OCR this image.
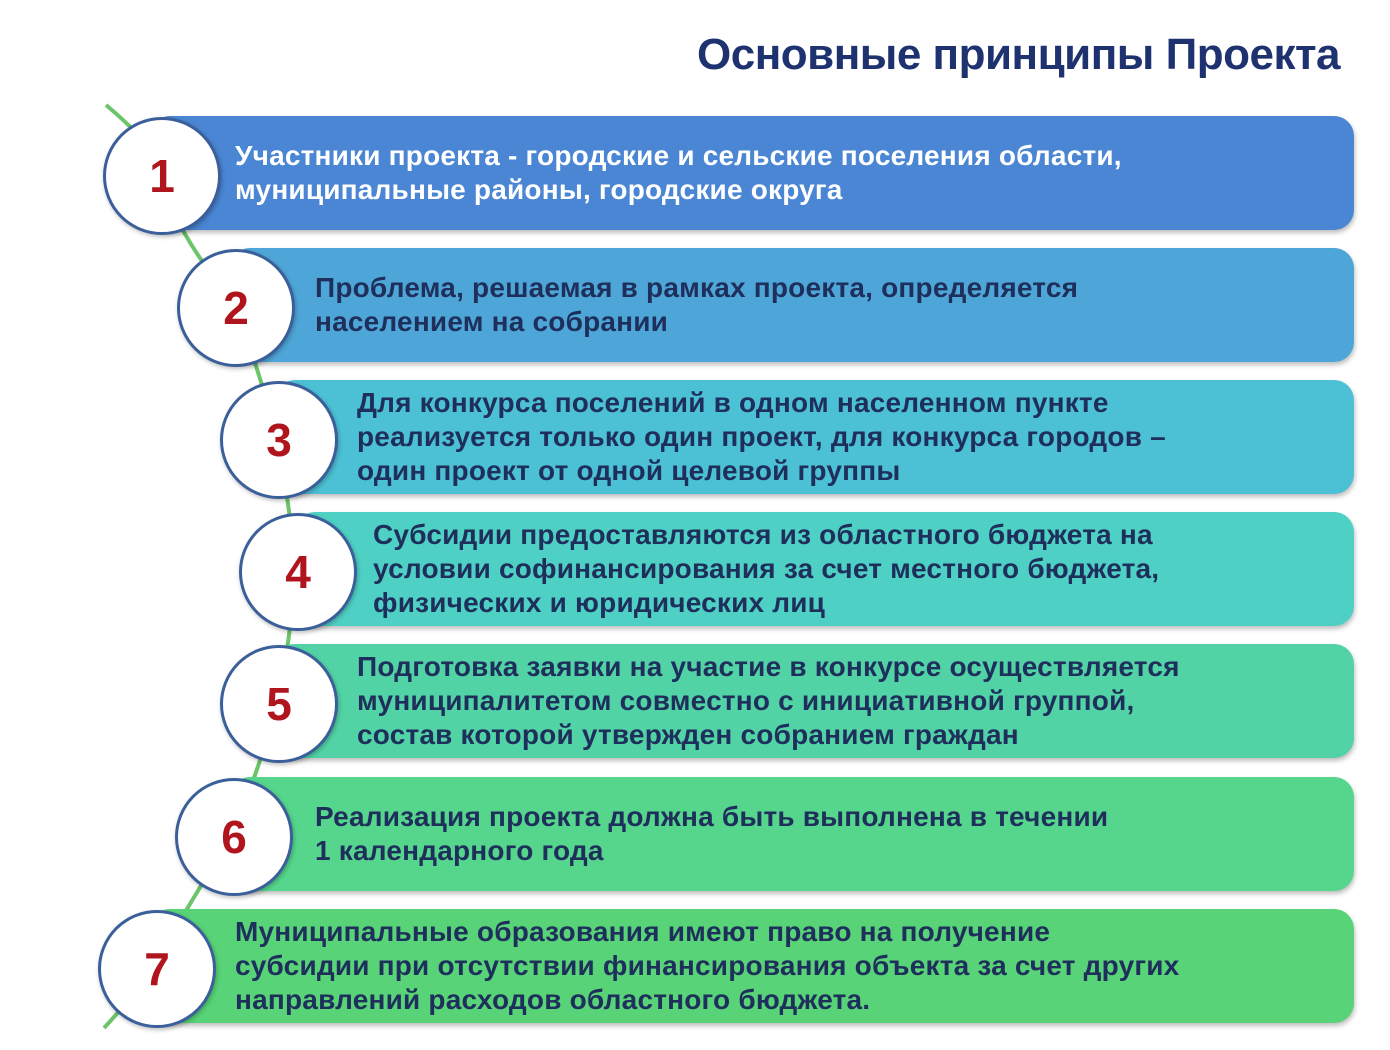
Основные принципы Проекта
Участники проекта - городские и сельские поселения области,
муниципальные районы, городские округа
1
Проблема, решаемая в рамках проекта, определяется
населением на собрании
2
Для конкурса поселений в одном населенном пункте
реализуется только один проект, для конкурса городов –
один проект от одной целевой группы
3
Субсидии предоставляются из областного бюджета на
условии софинансирования за счет местного бюджета,
физических и юридических лиц
4
Подготовка заявки на участие в конкурсе осуществляется
муниципалитетом совместно с инициативной группой,
состав которой утвержден собранием граждан
5
Реализация проекта должна быть выполнена в течении
1 календарного года
6
Муниципальные образования имеют право на получение
субсидии при отсутствии финансирования объекта за счет других
направлений расходов областного бюджета.
7
